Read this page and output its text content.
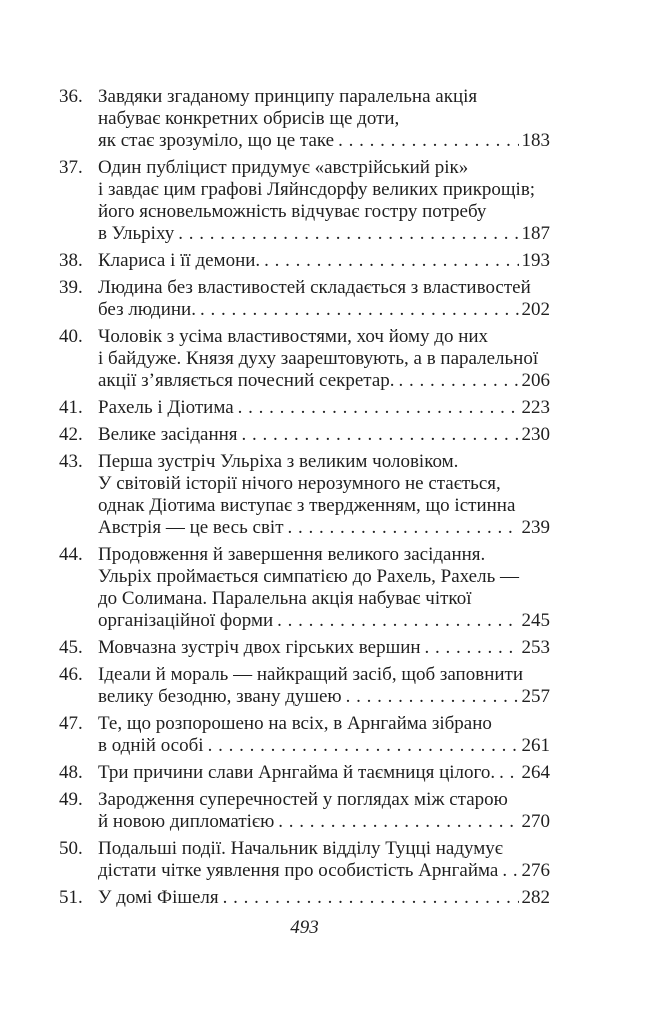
36. Завдяки згаданому принципу паралельна акція
набуває конкретних обрисів ще доти,
як стає зрозуміло, що це таке . . .	183
37. Один публіцист придумує «австрійський рік»
і завдає цим графові Ляйнсдорфу великих прикрощів;
його ясновельможність відчуває гостру потребу
в Ульріху . . .	187
38. Клариса і її демони. . . .	193
39. Людина без властивостей складається з властивостей
без людини. . . .	202
40. Чоловік з усіма властивостями, хоч йому до них
і байдуже. Князя духу заарештовують, а в паралельної
акції з’являється почесний секретар. . . .	206
41. Рахель і Діотима . . .	223
42. Велике засідання . . .	230
43. Перша зустріч Ульріха з великим чоловіком.
У світовій історії нічого нерозумного не стається,
однак Діотима виступає з твердженням, що істинна
Австрія — це весь світ . . .	239
44. Продовження й завершення великого засідання.
Ульріх проймається симпатією до Рахель, Рахель —
до Солимана. Паралельна акція набуває чіткої
організаційної форми . . .	245
45. Мовчазна зустріч двох гірських вершин . . .	253
46. Ідеали й мораль — найкращий засіб, щоб заповнити
велику безодню, звану душею . . .	257
47. Те, що розпорошено на всіх, в Арнгайма зібрано
в одній особі . . .	261
48. Три причини слави Арнгайма й таємниця цілого. . . . 264
49. Зародження суперечностей у поглядах між старою
й новою дипломатією . . .	270
50. Подальші події. Начальник відділу Туцці надумує
дістати чітке уявлення про особистість Арнгайма . . . 276
51. У домі Фішеля . . .	282
493
